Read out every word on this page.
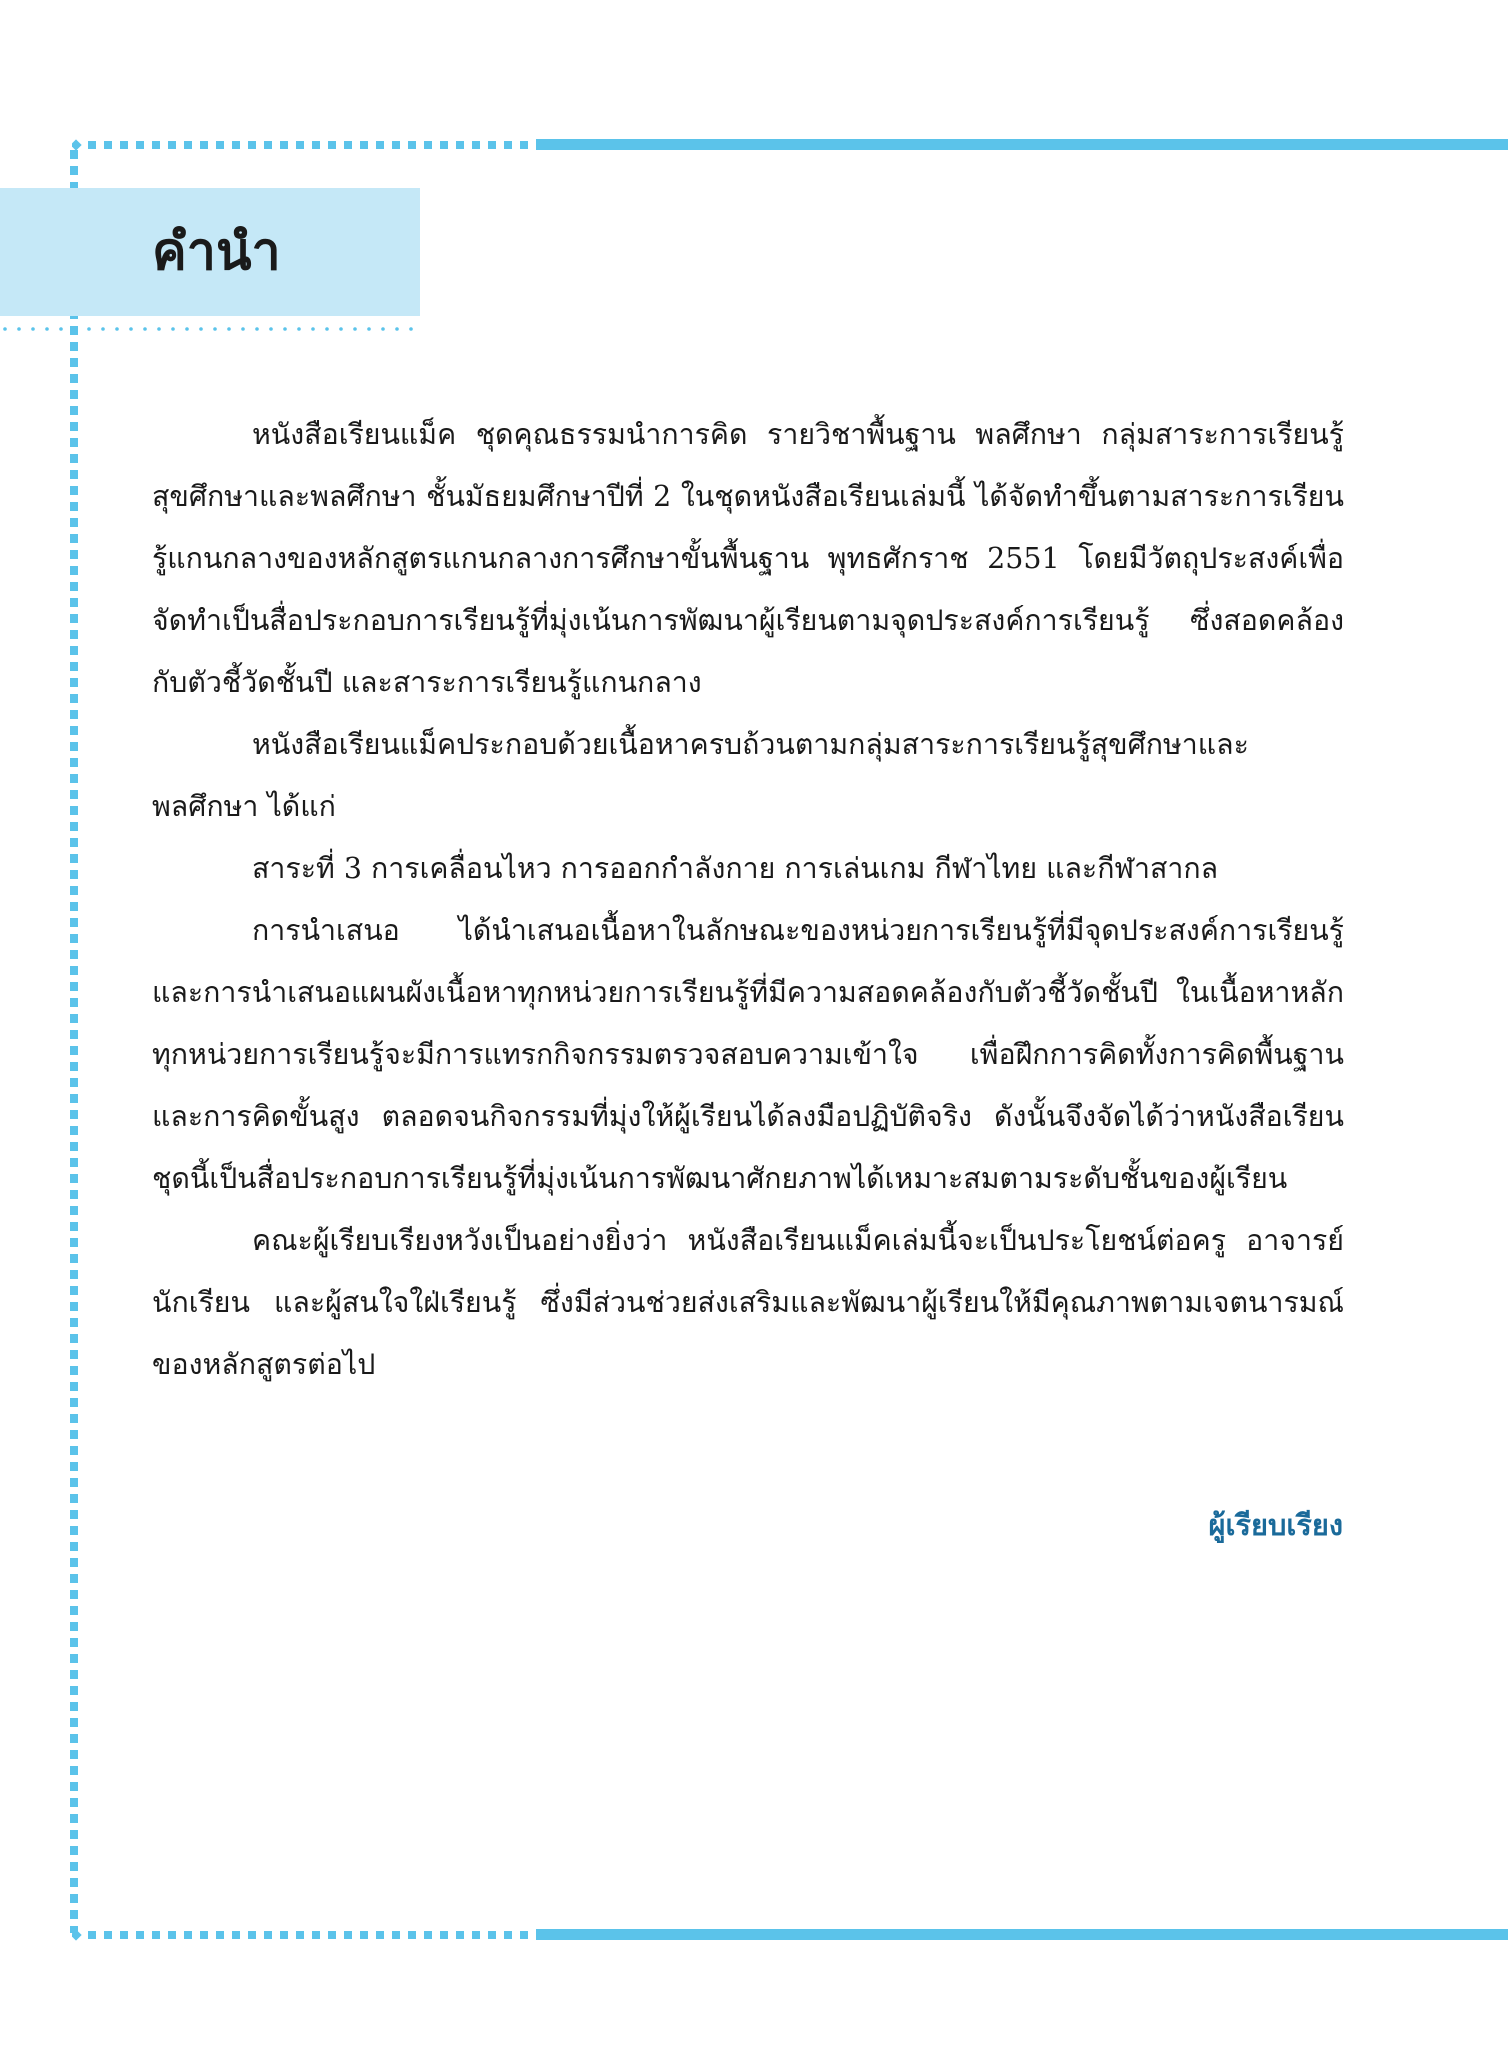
คำนำ

หนังสือเรียนแม็ค ชุดคุณธรรมนำการคิด รายวิชาพื้นฐาน พลศึกษา กลุ่มสาระการเรียนรู้สุขศึกษาและพลศึกษา ชั้นมัธยมศึกษาปีที่ 2 ในชุดหนังสือเรียนเล่มนี้ ได้จัดทำขึ้นตามสาระการเรียนรู้แกนกลางของหลักสูตรแกนกลางการศึกษาขั้นพื้นฐาน พุทธศักราช 2551 โดยมีวัตถุประสงค์เพื่อจัดทำเป็นสื่อประกอบการเรียนรู้ที่มุ่งเน้นการพัฒนาผู้เรียนตามจุดประสงค์การเรียนรู้ ซึ่งสอดคล้องกับตัวชี้วัดชั้นปี และสาระการเรียนรู้แกนกลาง

หนังสือเรียนแม็คประกอบด้วยเนื้อหาครบถ้วนตามกลุ่มสาระการเรียนรู้สุขศึกษาและพลศึกษา ได้แก่

สาระที่ 3 การเคลื่อนไหว การออกกำลังกาย การเล่นเกม กีฬาไทย และกีฬาสากล

การนำเสนอ ได้นำเสนอเนื้อหาในลักษณะของหน่วยการเรียนรู้ที่มีจุดประสงค์การเรียนรู้และการนำเสนอแผนผังเนื้อหาทุกหน่วยการเรียนรู้ที่มีความสอดคล้องกับตัวชี้วัดชั้นปี ในเนื้อหาหลักทุกหน่วยการเรียนรู้จะมีการแทรกกิจกรรมตรวจสอบความเข้าใจ เพื่อฝึกการคิดทั้งการคิดพื้นฐานและการคิดขั้นสูง ตลอดจนกิจกรรมที่มุ่งให้ผู้เรียนได้ลงมือปฏิบัติจริง ดังนั้นจึงจัดได้ว่าหนังสือเรียนชุดนี้เป็นสื่อประกอบการเรียนรู้ที่มุ่งเน้นการพัฒนาศักยภาพได้เหมาะสมตามระดับชั้นของผู้เรียน

คณะผู้เรียบเรียงหวังเป็นอย่างยิ่งว่า หนังสือเรียนแม็คเล่มนี้จะเป็นประโยชน์ต่อครู อาจารย์ นักเรียน และผู้สนใจใฝ่เรียนรู้ ซึ่งมีส่วนช่วยส่งเสริมและพัฒนาผู้เรียนให้มีคุณภาพตามเจตนารมณ์ของหลักสูตรต่อไป

ผู้เรียบเรียง
